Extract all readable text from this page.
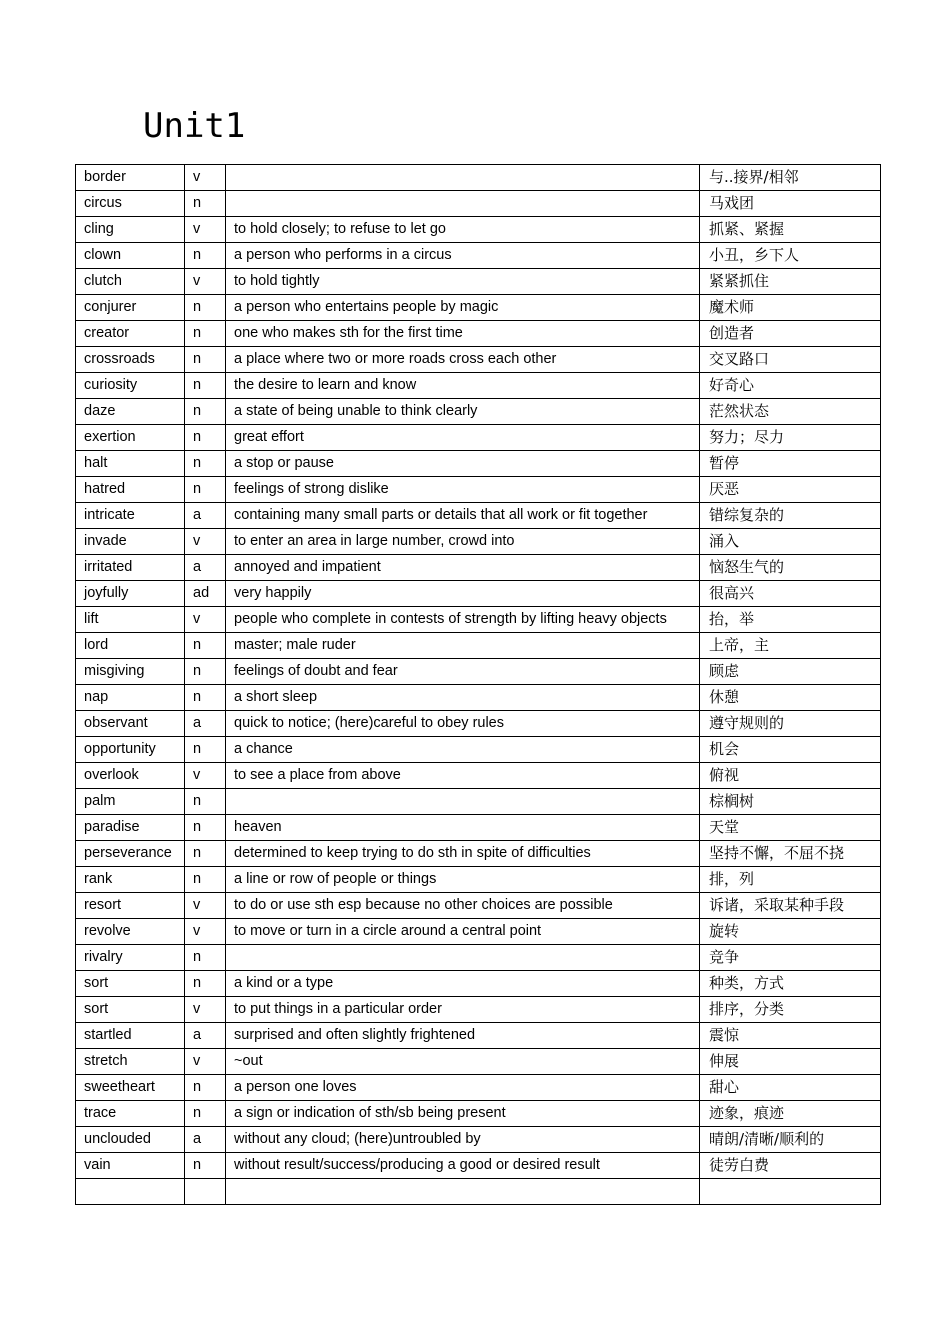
Unit1
border	v		与..接界/相邻
circus	n		马戏团
cling	v	to hold closely; to refuse to let go	抓紧、紧握
clown	n	a person who performs in a circus	小丑，乡下人
clutch	v	to hold tightly	紧紧抓住
conjurer	n	a person who entertains people by magic	魔术师
creator	n	one who makes sth for the first time	创造者
crossroads	n	a place where two or more roads cross each other	交叉路口
curiosity	n	the desire to learn and know	好奇心
daze	n	a state of being unable to think clearly	茫然状态
exertion	n	great effort	努力；尽力
halt	n	a stop or pause	暂停
hatred	n	feelings of strong dislike	厌恶
intricate	a	containing many small parts or details that all work or fit together	错综复杂的
invade	v	to enter an area in large number, crowd into	涌入
irritated	a	annoyed and impatient	恼怒生气的
joyfully	ad	very happily	很高兴
lift	v	people who complete in contests of strength by lifting heavy objects	抬，举
lord	n	master; male ruder	上帝，主
misgiving	n	feelings of doubt and fear	顾虑
nap	n	a short sleep	休憩
observant	a	quick to notice; (here)careful to obey rules	遵守规则的
opportunity	n	a chance	机会
overlook	v	to see a place from above	俯视
palm	n		棕榈树
paradise	n	heaven	天堂
perseverance	n	determined to keep trying to do sth in spite of difficulties	坚持不懈，不屈不挠
rank	n	a line or row of people or things	排，列
resort	v	to do or use sth esp because no other choices are possible	诉诸，采取某种手段
revolve	v	to move or turn in a circle around a central point	旋转
rivalry	n		竞争
sort	n	a kind or a type	种类，方式
sort	v	to put things in a particular order	排序，分类
startled	a	surprised and often slightly frightened	震惊
stretch	v	~out	伸展
sweetheart	n	a person one loves	甜心
trace	n	a sign or indication of sth/sb being present	迹象，痕迹
unclouded	a	without any cloud; (here)untroubled by	晴朗/清晰/顺利的
vain	n	without result/success/producing a good or desired result	徒劳白费
